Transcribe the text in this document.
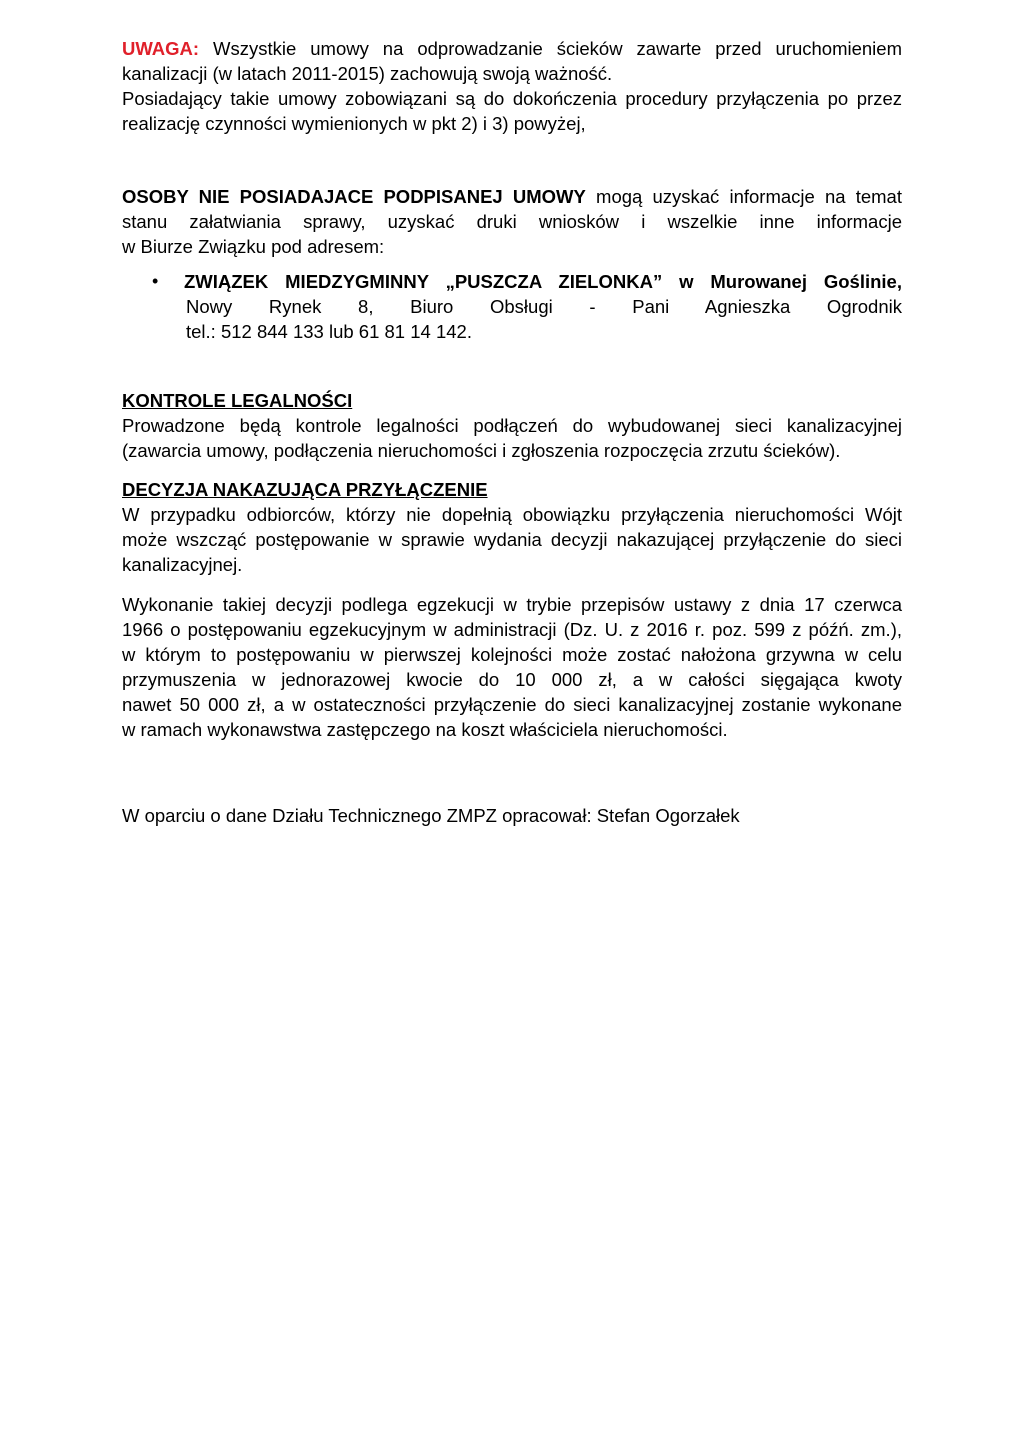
UWAGA: Wszystkie umowy na odprowadzanie ścieków zawarte przed uruchomieniem

kanalizacji (w latach 2011-2015) zachowują swoją ważność.

Posiadający takie umowy zobowiązani są do dokończenia procedury przyłączenia po przez

realizację czynności wymienionych w pkt 2) i 3) powyżej,

OSOBY NIE POSIADAJACE PODPISANEJ UMOWY mogą uzyskać informacje na temat

stanu załatwiania sprawy, uzyskać druki wniosków i wszelkie inne informacje

w Biurze Związku pod adresem:

• ZWIĄZEK MIEDZYGMINNY „PUSZCZA ZIELONKA” w Murowanej Goślinie,

Nowy Rynek 8, Biuro Obsługi - Pani Agnieszka Ogrodnik

tel.: 512 844 133 lub 61 81 14 142.

KONTROLE LEGALNOŚCI

Prowadzone będą kontrole legalności podłączeń do wybudowanej sieci kanalizacyjnej

(zawarcia umowy, podłączenia nieruchomości i zgłoszenia rozpoczęcia zrzutu ścieków).

DECYZJA NAKAZUJĄCA PRZYŁĄCZENIE

W przypadku odbiorców, którzy nie dopełnią obowiązku przyłączenia nieruchomości Wójt

może wszcząć postępowanie w sprawie wydania decyzji nakazującej przyłączenie do sieci

kanalizacyjnej.

Wykonanie takiej decyzji podlega egzekucji w trybie przepisów ustawy z dnia 17 czerwca

1966 o postępowaniu egzekucyjnym w administracji (Dz. U. z 2016 r. poz. 599 z późń. zm.),

w którym to postępowaniu w pierwszej kolejności może zostać nałożona grzywna w celu

przymuszenia w jednorazowej kwocie do 10 000 zł, a w całości sięgająca kwoty

nawet 50 000 zł, a w ostateczności przyłączenie do sieci kanalizacyjnej zostanie wykonane

w ramach wykonawstwa zastępczego na koszt właściciela nieruchomości.

W oparciu o dane Działu Technicznego ZMPZ opracował: Stefan Ogorzałek
